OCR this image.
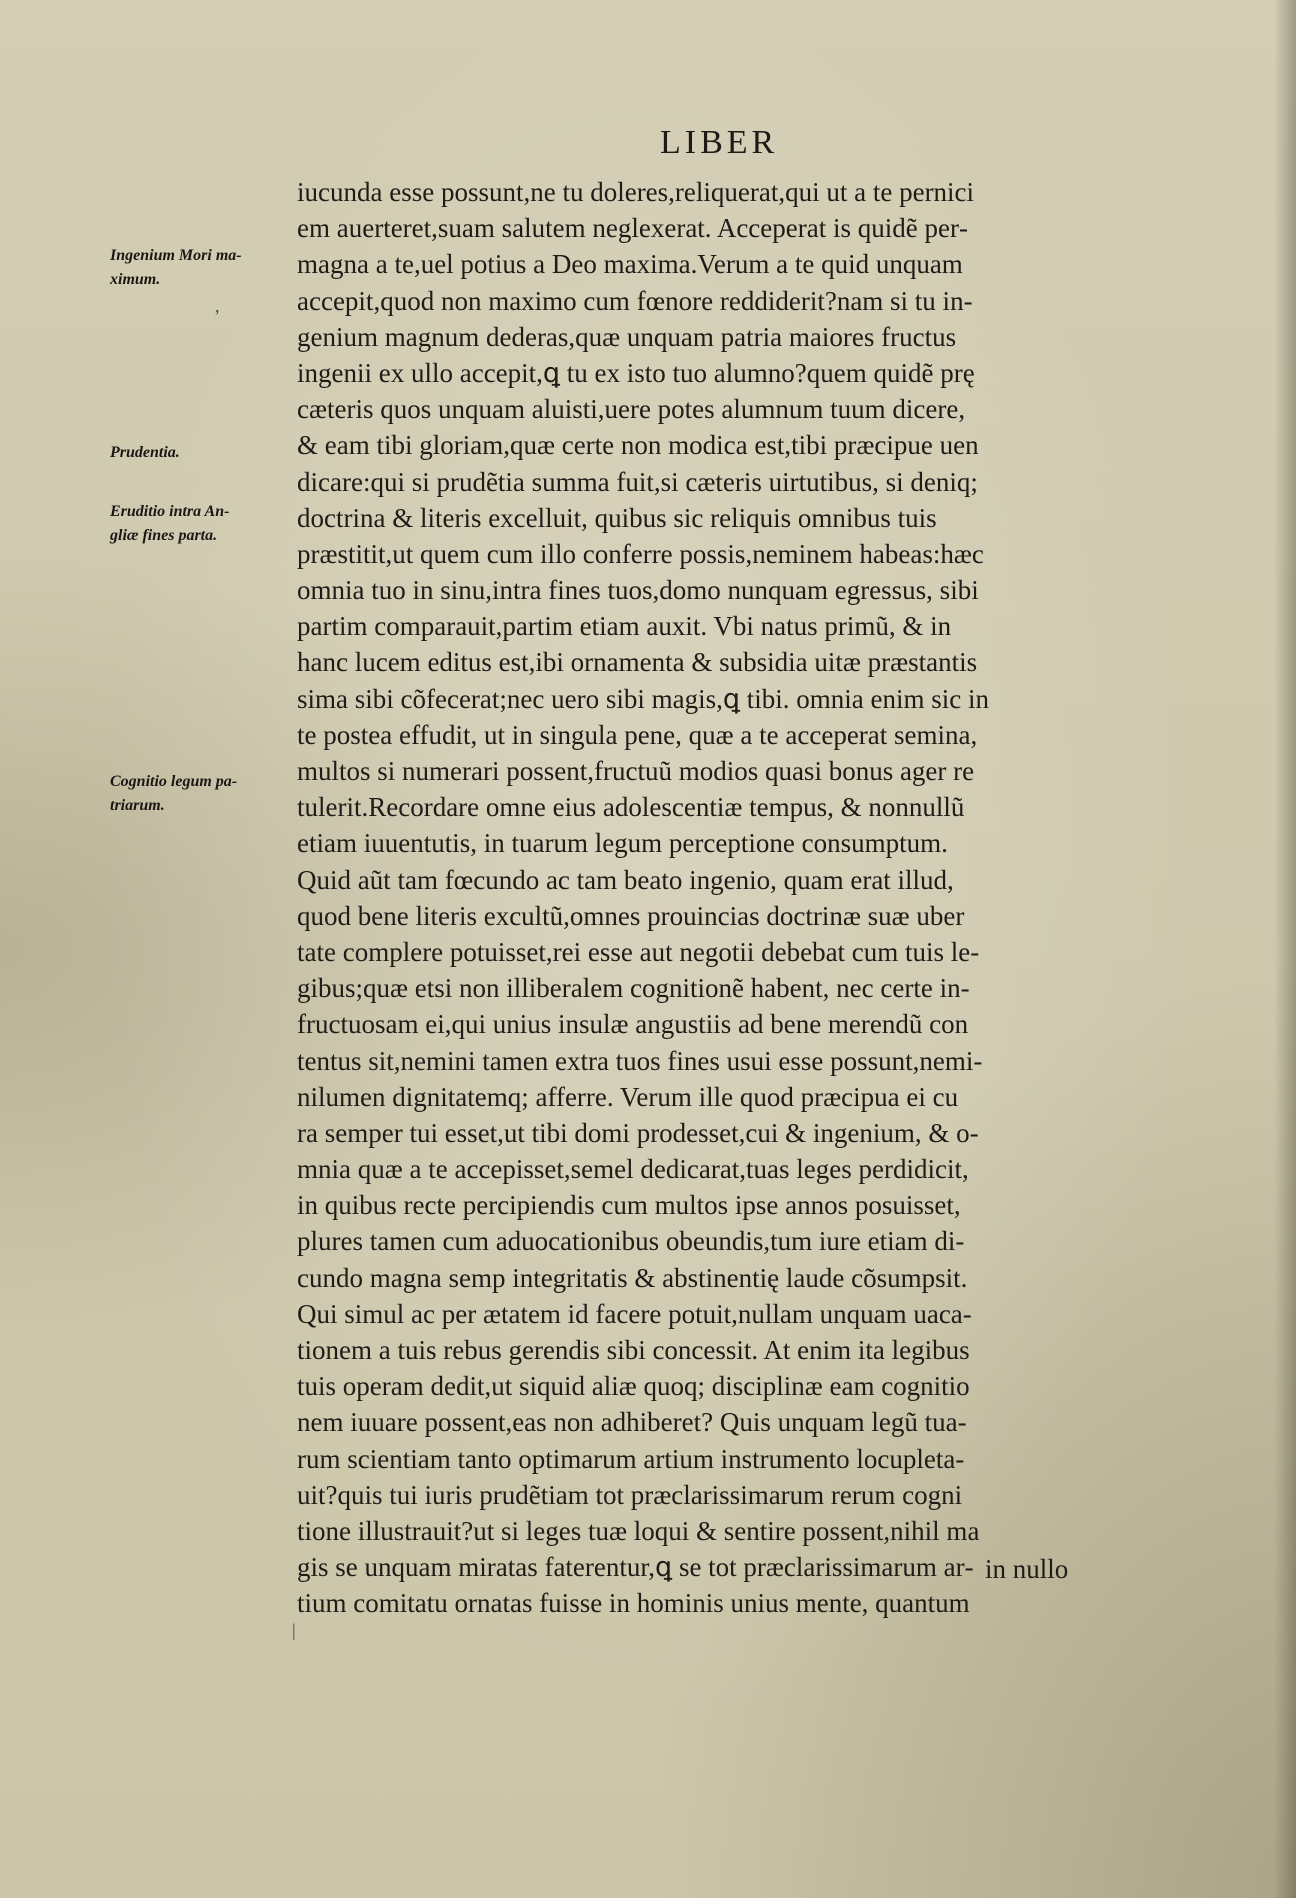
LIBER
Ingenium Mori ma‑
ximum.
Prudentia.
Eruditio intra An‑
gliæ fines parta.
Cognitio legum pa‑
triarum.
iucunda esse possunt,ne tu doleres,reliquerat,qui ut a te pernici
em auerteret,suam salutem neglexerat. Acceperat is quidẽ per‑
magna a te,uel potius a Deo maxima.Verum a te quid unquam
accepit,quod non maximo cum fœnore reddiderit?nam si tu in‑
genium magnum dederas,quæ unquam patria maiores fructus
ingenii ex ullo accepit,ꝗ tu ex isto tuo alumno?quem quidẽ prę
cæteris quos unquam aluisti,uere potes alumnum tuum dicere,
& eam tibi gloriam,quæ certe non modica est,tibi præcipue uen
dicare:qui si prudẽtia summa fuit,si cæteris uirtutibus, si deniq;
doctrina & literis excelluit, quibus sic reliquis omnibus tuis
præstitit,ut quem cum illo conferre possis,neminem habeas:hæc
omnia tuo in sinu,intra fines tuos,domo nunquam egressus, sibi
partim comparauit,partim etiam auxit. Vbi natus primũ, & in
hanc lucem editus est,ibi ornamenta & subsidia uitæ præstantis
sima sibi cõfecerat;nec uero sibi magis,ꝗ tibi. omnia enim sic in
te postea effudit, ut in singula pene, quæ a te acceperat semina,
multos si numerari possent,fructuũ modios quasi bonus ager re
tulerit.Recordare omne eius adolescentiæ tempus, & nonnullũ
etiam iuuentutis, in tuarum legum perceptione consumptum.
Quid aũt tam fœcundo ac tam beato ingenio, quam erat illud,
quod bene literis excultũ,omnes prouincias doctrinæ suæ uber
tate complere potuisset,rei esse aut negotii debebat cum tuis le‑
gibus;quæ etsi non illiberalem cognitionẽ habent, nec certe in‑
fructuosam ei,qui unius insulæ angustiis ad bene merendũ con
tentus sit,nemini tamen extra tuos fines usui esse possunt,nemi‑
nilumen dignitatemq; afferre. Verum ille quod præcipua ei cu
ra semper tui esset,ut tibi domi prodesset,cui & ingenium, & o‑
mnia quæ a te accepisset,semel dedicarat,tuas leges perdidicit,
in quibus recte percipiendis cum multos ipse annos posuisset,
plures tamen cum aduocationibus obeundis,tum iure etiam di‑
cundo magna semp integritatis & abstinentię laude cõsumpsit.
Qui simul ac per ætatem id facere potuit,nullam unquam uaca‑
tionem a tuis rebus gerendis sibi concessit. At enim ita legibus
tuis operam dedit,ut siquid aliæ quoq; disciplinæ eam cognitio
nem iuuare possent,eas non adhiberet? Quis unquam legũ tua‑
rum scientiam tanto optimarum artium instrumento locupleta‑
uit?quis tui iuris prudẽtiam tot præclarissimarum rerum cogni
tione illustrauit?ut si leges tuæ loqui & sentire possent,nihil ma
gis se unquam miratas faterentur,ꝗ se tot præclarissimarum ar‑
tium comitatu ornatas fuisse in hominis unius mente, quantum

in nullo

,
|
